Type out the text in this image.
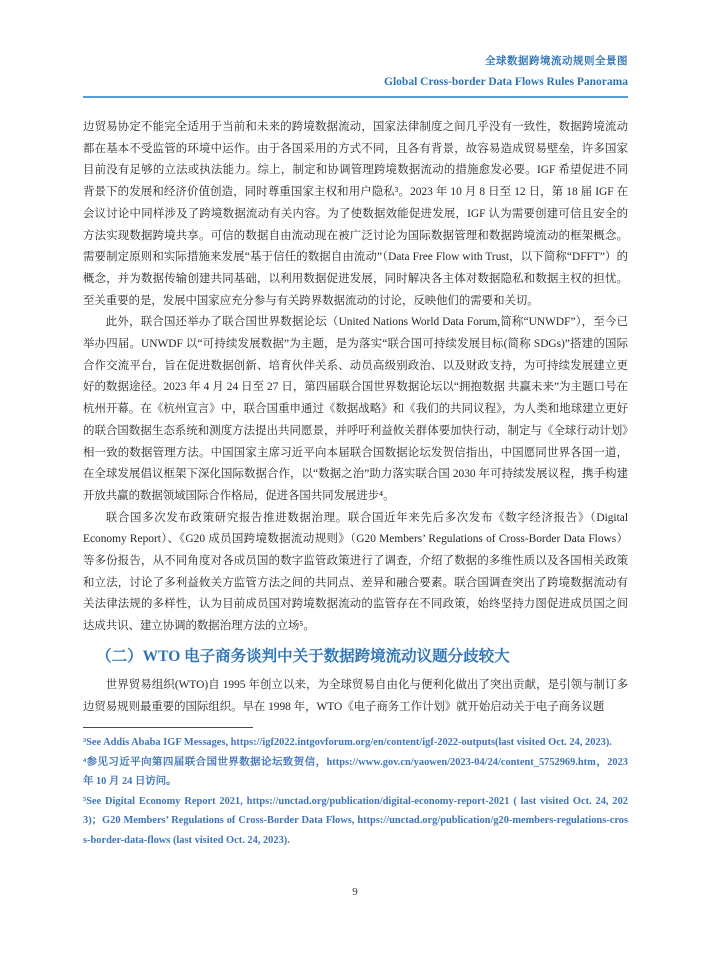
全球数据跨境流动规则全景图
Global Cross-border Data Flows Rules Panorama

边贸易协定不能完全适用于当前和未来的跨境数据流动，国家法律制度之间几乎没有一致性，数据跨境流动都在基本不受监管的环境中运作。由于各国采用的方式不同，且各有背景，故容易造成贸易壁垒，许多国家目前没有足够的立法或执法能力。综上，制定和协调管理跨境数据流动的措施愈发必要。IGF 希望促进不同背景下的发展和经济价值创造，同时尊重国家主权和用户隐私³。2023 年 10 月 8 日至 12 日，第 18 届 IGF 在会议讨论中同样涉及了跨境数据流动有关内容。为了使数据效能促进发展，IGF 认为需要创建可信且安全的方法实现数据跨境共享。可信的数据自由流动现在被广泛讨论为国际数据管理和数据跨境流动的框架概念。需要制定原则和实际措施来发展“基于信任的数据自由流动”（Data Free Flow with Trust，以下简称“DFFT”）的概念，并为数据传输创建共同基础，以利用数据促进发展，同时解决各主体对数据隐私和数据主权的担忧。至关重要的是，发展中国家应充分参与有关跨界数据流动的讨论，反映他们的需要和关切。

此外，联合国还举办了联合国世界数据论坛（United Nations World Data Forum,简称“UNWDF”），至今已举办四届。UNWDF 以“可持续发展数据”为主题，是为落实“联合国可持续发展目标(简称 SDGs)”搭建的国际合作交流平台，旨在促进数据创新、培育伙伴关系、动员高级别政治、以及财政支持，为可持续发展建立更好的数据途径。2023 年 4 月 24 日至 27 日，第四届联合国世界数据论坛以“拥抱数据 共赢未来”为主题口号在杭州开幕。在《杭州宣言》中，联合国重申通过《数据战略》和《我们的共同议程》，为人类和地球建立更好的联合国数据生态系统和测度方法提出共同愿景，并呼吁利益攸关群体要加快行动，制定与《全球行动计划》相一致的数据管理方法。中国国家主席习近平向本届联合国数据论坛发贺信指出，中国愿同世界各国一道，在全球发展倡议框架下深化国际数据合作，以“数据之治”助力落实联合国 2030 年可持续发展议程，携手构建开放共赢的数据领域国际合作格局，促进各国共同发展进步⁴。

联合国多次发布政策研究报告推进数据治理。联合国近年来先后多次发布《数字经济报告》（Digital Economy Report）、《G20 成员国跨境数据流动规则》（G20 Members’ Regulations of Cross-Border Data Flows）等多份报告，从不同角度对各成员国的数字监管政策进行了调查，介绍了数据的多维性质以及各国相关政策和立法，讨论了多利益攸关方监管方法之间的共同点、差异和融合要素。联合国调查突出了跨境数据流动有关法律法规的多样性，认为目前成员国对跨境数据流动的监管存在不同政策，始终坚持力图促进成员国之间达成共识、建立协调的数据治理方法的立场⁵。

（二）WTO 电子商务谈判中关于数据跨境流动议题分歧较大

世界贸易组织(WTO)自 1995 年创立以来，为全球贸易自由化与便利化做出了突出贡献，是引领与制订多边贸易规则最重要的国际组织。早在 1998 年，WTO《电子商务工作计划》就开始启动关于电子商务议题

³See Addis Ababa IGF Messages, https://igf2022.intgovforum.org/en/content/igf-2022-outputs(last visited Oct. 24, 2023).

⁴参见习近平向第四届联合国世界数据论坛致贺信，https://www.gov.cn/yaowen/2023-04/24/content_5752969.htm，2023 年 10 月 24 日访问。

⁵See Digital Economy Report 2021, https://unctad.org/publication/digital-economy-report-2021 ( last visited Oct. 24, 2023)；G20 Members’ Regulations of Cross-Border Data Flows, https://unctad.org/publication/g20-members-regulations-cross-border-data-flows (last visited Oct. 24, 2023).

9
